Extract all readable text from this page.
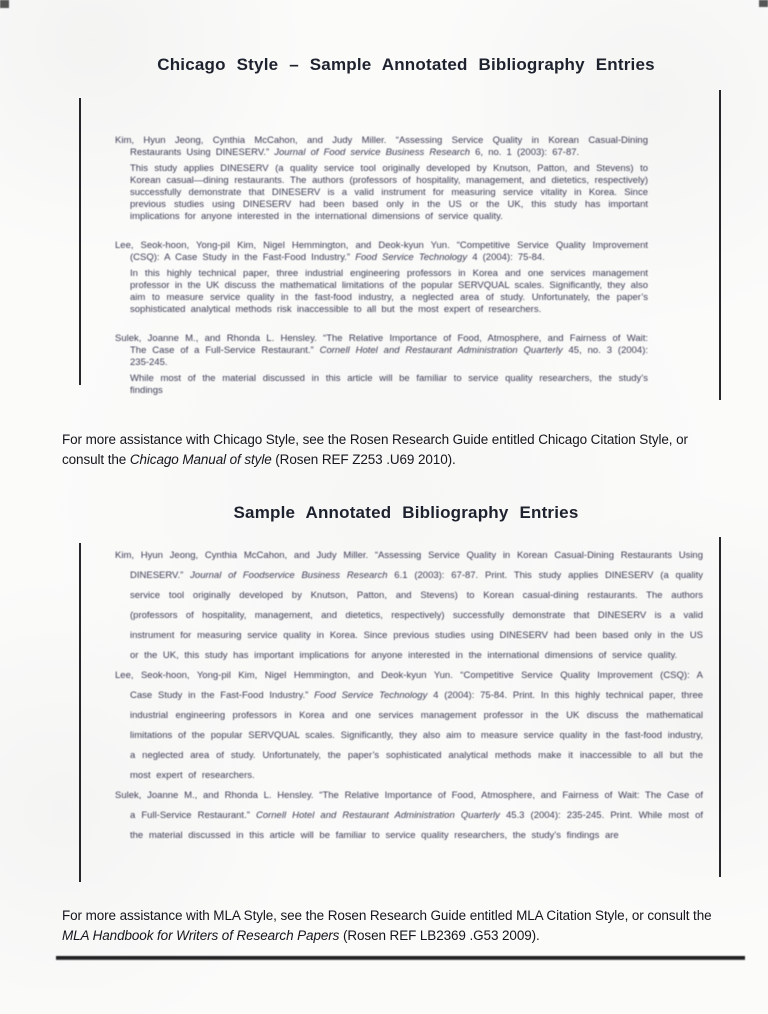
Chicago Style – Sample Annotated Bibliography Entries

Kim, Hyun Jeong, Cynthia McCahon, and Judy Miller. “Assessing Service Quality in Korean Casual-Dining Restaurants Using DINESERV.” Journal of Food service Business Research 6, no. 1 (2003): 67-87.

This study applies DINESERV (a quality service tool originally developed by Knutson, Patton, and Stevens) to Korean casual—dining restaurants. The authors (professors of hospitality, management, and dietetics, respectively) successfully demonstrate that DINESERV is a valid instrument for measuring service vitality in Korea. Since previous studies using DINESERV had been based only in the US or the UK, this study has important implications for anyone interested in the international dimensions of service quality.

Lee, Seok-hoon, Yong-pil Kim, Nigel Hemmington, and Deok-kyun Yun. “Competitive Service Quality Improvement (CSQ): A Case Study in the Fast-Food Industry.” Food Service Technology 4 (2004): 75-84.

In this highly technical paper, three industrial engineering professors in Korea and one services management professor in the UK discuss the mathematical limitations of the popular SERVQUAL scales. Significantly, they also aim to measure service quality in the fast-food industry, a neglected area of study. Unfortunately, the paper’s sophisticated analytical methods risk inaccessible to all but the most expert of researchers.

Sulek, Joanne M., and Rhonda L. Hensley. “The Relative Importance of Food, Atmosphere, and Fairness of Wait: The Case of a Full-Service Restaurant.” Cornell Hotel and Restaurant Administration Quarterly 45, no. 3 (2004): 235-245.

While most of the material discussed in this article will be familiar to service quality researchers, the study’s findings

For more assistance with Chicago Style, see the Rosen Research Guide entitled Chicago Citation Style, or consult the Chicago Manual of style (Rosen REF Z253 .U69 2010).

Sample Annotated Bibliography Entries

Kim, Hyun Jeong, Cynthia McCahon, and Judy Miller. “Assessing Service Quality in Korean Casual-Dining Restaurants Using DINESERV.” Journal of Foodservice Business Research 6.1 (2003): 67-87. Print. This study applies DINESERV (a quality service tool originally developed by Knutson, Patton, and Stevens) to Korean casual-dining restaurants. The authors (professors of hospitality, management, and dietetics, respectively) successfully demonstrate that DINESERV is a valid instrument for measuring service quality in Korea. Since previous studies using DINESERV had been based only in the US or the UK, this study has important implications for anyone interested in the international dimensions of service quality.

Lee, Seok-hoon, Yong-pil Kim, Nigel Hemmington, and Deok-kyun Yun. “Competitive Service Quality Improvement (CSQ): A Case Study in the Fast-Food Industry.” Food Service Technology 4 (2004): 75-84. Print. In this highly technical paper, three industrial engineering professors in Korea and one services management professor in the UK discuss the mathematical limitations of the popular SERVQUAL scales. Significantly, they also aim to measure service quality in the fast-food industry, a neglected area of study. Unfortunately, the paper’s sophisticated analytical methods make it inaccessible to all but the most expert of researchers.

Sulek, Joanne M., and Rhonda L. Hensley. “The Relative Importance of Food, Atmosphere, and Fairness of Wait: The Case of a Full-Service Restaurant.” Cornell Hotel and Restaurant Administration Quarterly 45.3 (2004): 235-245. Print. While most of the material discussed in this article will be familiar to service quality researchers, the study’s findings are

For more assistance with MLA Style, see the Rosen Research Guide entitled MLA Citation Style, or consult the MLA Handbook for Writers of Research Papers (Rosen REF LB2369 .G53 2009).
